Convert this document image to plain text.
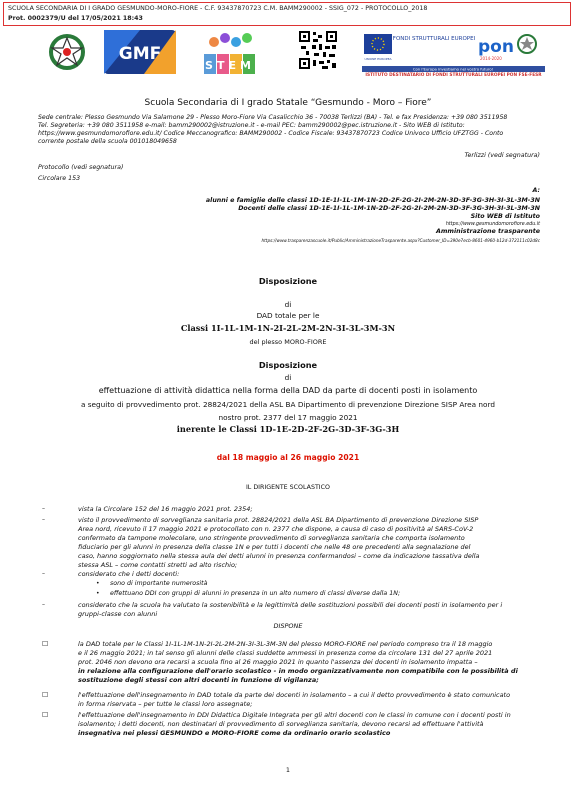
SCUOLA SECONDARIA DI I GRADO GESMUNDO-MORO-FIORE - C.F. 93437870723 C.M. BAMM290002 - SSIG_072 - PROTOCOLLO_2018
Prot. 0002379/U del 17/05/2021 18:43
GMF
STEM	UNIONE EUROPEA
FONDI STRUTTURALI EUROPEI pon
2014-2020
Con l'Europa investiamo nel vostro futuro!
ISTITUTO DESTINATARIO DI FONDI STRUTTURALI EUROPEI PON FSE-FESR
Scuola Secondaria di I grado Statale “Gesmundo - Moro – Fiore”
Sede centrale: Plesso Gesmundo Via Salamone 29 - Plesso Moro-Fiore Via Casalicchio 36 - 70038 Terlizzi (BA) - Tel. e fax Presidenza: +39 080 3511958
Tel. Segreteria: +39 080 3511958 e-mail: bamm290002@istruzione.it - e-mail PEC: bamm290002@pec.istruzione.it - Sito WEB di Istituto:
https://www.gesmundomorofiore.edu.it/ Codice Meccanografico: BAMM290002 - Codice Fiscale: 93437870723 Codice Univoco Ufficio UFZTGG - Conto
corrente postale della scuola 001018049658
Terlizzi (vedi segnatura)
Protocollo (vedi segnatura)
Circolare 153
A:
alunni e famiglie delle classi 1D-1E-1I-1L-1M-1N-2D-2F-2G-2I-2M-2N-3D-3F-3G-3H-3I-3L-3M-3N
Docenti delle classi 1D-1E-1I-1L-1M-1N-2D-2F-2G-2I-2M-2N-3D-3F-3G-3H-3I-3L-3M-3N
Sito WEB di Istituto
https://www.gesmundomorofiore.edu.it
Amministrazione trasparente
https://www.trasparenzascuole.it/Public/AmministrazioneTrasparente.aspx?Customer_ID=390e7ecb-8601-4960-b12d-372111c02d8c
Disposizione
di
DAD totale per le
Classi 1I-1L-1M-1N-2I-2L-2M-2N-3I-3L-3M-3N
del plesso MORO-FIORE
Disposizione
di
effettuazione di attività didattica nella forma della DAD da parte di docenti posti in isolamento
a seguito di provvedimento prot. 28824/2021 della ASL BA Dipartimento di prevenzione Direzione SISP Area nord
nostro prot. 2377 del 17 maggio 2021
inerente le Classi 1D-1E-2D-2F-2G-3D-3F-3G-3H
dal 18 maggio al 26 maggio 2021
IL DIRIGENTE SCOLASTICO
–	vista la Circolare 152 del 16 maggio 2021 prot. 2354;
–	visto il provvedimento di sorveglianza sanitaria prot. 28824/2021 della ASL BA Dipartimento di prevenzione Direzione SISP
Area nord, ricevuto il 17 maggio 2021 e protocollato con n. 2377 che dispone, a causa di caso di positività al SARS-CoV-2
confermato da tampone molecolare, uno stringente provvedimento di sorveglianza sanitaria che comporta isolamento
fiduciario per gli alunni in presenza della classe 1N e per tutti i docenti che nelle 48 ore precedenti alla segnalazione del
caso, hanno soggiornato nella stessa aula dei detti alunni in presenza confermandosi – come da indicazione tassativa della
stessa ASL – come contatti stretti ad alto rischio;
–	considerato che i detti docenti:
• sono di importante numerosità
• effettuano DDI con gruppi di alunni in presenza in un alto numero di classi diverse dalla 1N;
–	considerato che la scuola ha valutato la sostenibilità e la legittimità delle sostituzioni possibili dei docenti posti in isolamento per i
gruppi-classe con alunni
DISPONE
☐	la DAD totale per le Classi 1I-1L-1M-1N-2I-2L-2M-2N-3I-3L-3M-3N del plesso MORO-FIORE nel periodo compreso tra il 18 maggio
e il 26 maggio 2021; in tal senso gli alunni delle classi suddette ammessi in presenza come da circolare 131 del 27 aprile 2021
prot. 2046 non devono ora recarsi a scuola fino al 26 maggio 2021 in quanto l'assenza dei docenti in isolamento impatta –
in relazione alla configurazione dell'orario scolastico - in modo organizzativamente non compatibile con le possibilità di
sostituzione degli stessi con altri docenti in funzione di vigilanza;
☐	l'effettuazione dell'insegnamento in DAD totale da parte dei docenti in isolamento – a cui il detto provvedimento è stato comunicato
in forma riservata – per tutte le classi loro assegnate;
☐	l'effettuazione dell'insegnamento in DDI Didattica Digitale Integrata per gli altri docenti con le classi in comune con i docenti posti in
isolamento; i detti docenti, non destinatari di provvedimento di sorveglianza sanitaria, devono recarsi ad effettuare l'attività
insegnativa nei plessi GESMUNDO e MORO-FIORE come da ordinario orario scolastico
1
